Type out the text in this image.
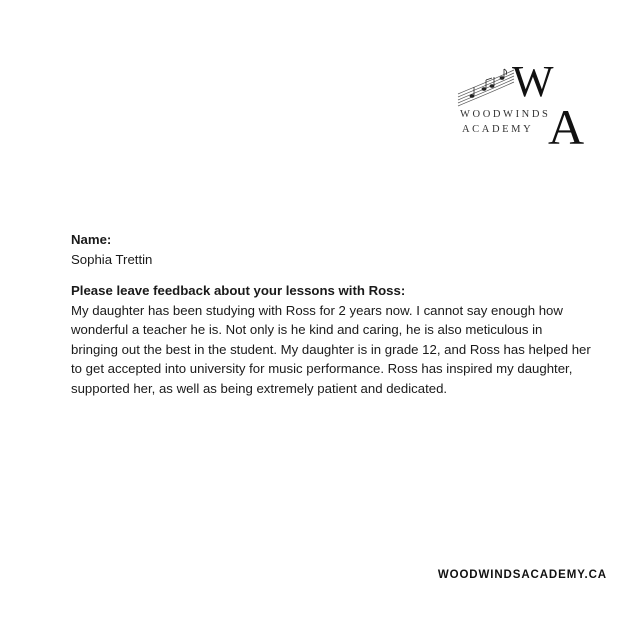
W
A
WOODWINDS
ACADEMY

Name:

Sophia Trettin

Please leave feedback about your lessons with Ross:

My daughter has been studying with Ross for 2 years now. I cannot say enough how wonderful a teacher he is. Not only is he kind and caring, he is also meticulous in bringing out the best in the student. My daughter is in grade 12, and Ross has helped her to get accepted into university for music performance. Ross has inspired my daughter, supported her, as well as being extremely patient and dedicated.

WOODWINDSACADEMY.CA
